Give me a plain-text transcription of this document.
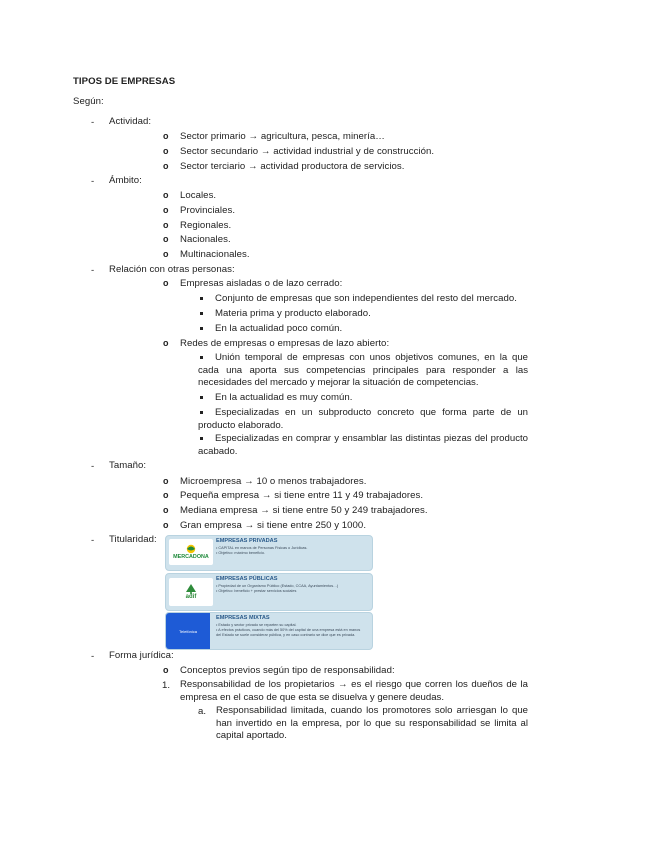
TIPOS DE EMPRESAS
Según:
- Actividad:
o Sector primario → agricultura, pesca, minería…
o Sector secundario → actividad industrial y de construcción.
o Sector terciario → actividad productora de servicios.
- Ámbito:
o Locales.
o Provinciales.
o Regionales.
o Nacionales.
o Multinacionales.
- Relación con otras personas:
o Empresas aisladas o de lazo cerrado:
Conjunto de empresas que son independientes del resto del mercado.
Materia prima y producto elaborado.
En la actualidad poco común.
o Redes de empresas o empresas de lazo abierto:
Unión temporal de empresas con unos objetivos comunes, en la que cada una aporta sus competencias principales para responder a las necesidades del mercado y mejorar la situación de competencias.
En la actualidad es muy común.
Especializadas en un subproducto concreto que forma parte de un producto elaborado.
Especializadas en comprar y ensamblar las distintas piezas del producto acabado.
- Tamaño:
o Microempresa → 10 o menos trabajadores.
o Pequeña empresa → si tiene entre 11 y 49 trabajadores.
o Mediana empresa → si tiene entre 50 y 249 trabajadores.
o Gran empresa → si tiene entre 250 y 1000.
- Titularidad:
MERCADONA
EMPRESAS PRIVADAS
• CAPITAL en manos de Personas Físicas o Jurídicas.
• Objetivo: máximo beneficio.
adif
EMPRESAS PÚBLICAS
• Propiedad de un Organismo Público (Estado, CCAA, Ayuntamientos…)
• Objetivo: beneficio + prestar servicios sociales
Telefónica
EMPRESAS MIXTAS
• Estado y sector privado se reparten su capital.
• A efectos prácticos, cuando más del 50% del capital de una empresa está en manos del Estado se suele considerar pública, y en caso contrario se dice que es privada.
- Forma jurídica:
o Conceptos previos según tipo de responsabilidad:
1. Responsabilidad de los propietarios → es el riesgo que corren los dueños de la empresa en el caso de que esta se disuelva y genere deudas.
a. Responsabilidad limitada, cuando los promotores solo arriesgan lo que han invertido en la empresa, por lo que su responsabilidad se limita al capital aportado.
